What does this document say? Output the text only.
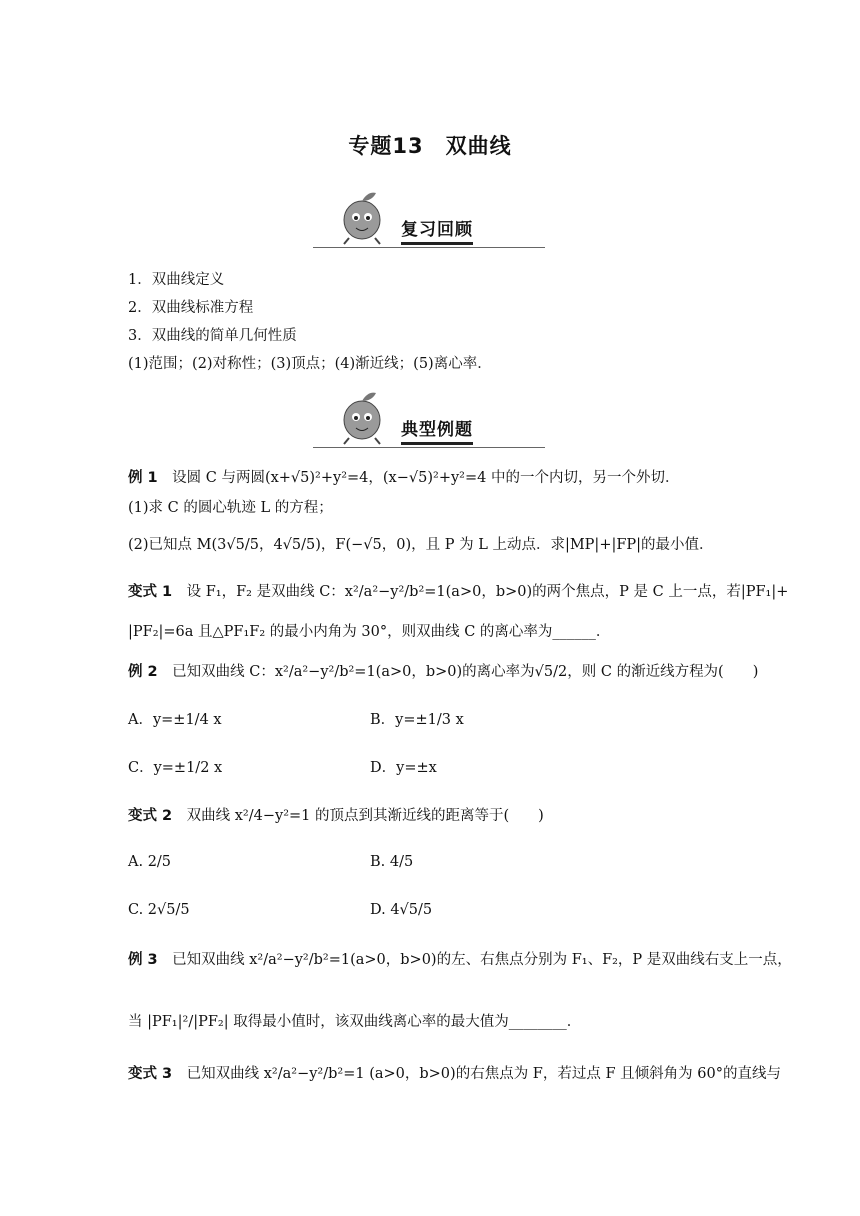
专题13　双曲线
复习回顾
1．双曲线定义
2．双曲线标准方程
3．双曲线的简单几何性质
(1)范围；(2)对称性；(3)顶点；(4)渐近线；(5)离心率．
典型例题
例 1　 设圆 C 与两圆(x+√5)²+y²=4，(x−√5)²+y²=4 中的一个内切，另一个外切．
(1)求 C 的圆心轨迹 L 的方程；
(2)已知点 M(3√5/5，4√5/5)，F(−√5，0)，且 P 为 L 上动点．求|MP|+|FP|的最小值．
变式 1　 设 F₁，F₂ 是双曲线 C：x²/a²−y²/b²=1(a>0，b>0)的两个焦点，P 是 C 上一点，若|PF₁|+
|PF₂|=6a 且△PF₁F₂ 的最小内角为 30°，则双曲线 C 的离心率为______．
例 2　 已知双曲线 C：x²/a²−y²/b²=1(a>0，b>0)的离心率为√5/2，则 C 的渐近线方程为(　　)
A．y=±1/4 x	B．y=±1/3 x
C．y=±1/2 x	D．y=±x
变式 2　 双曲线 x²/4−y²=1 的顶点到其渐近线的距离等于(　　)
A. 2/5	B. 4/5
C. 2√5/5	D. 4√5/5
例 3　 已知双曲线 x²/a²−y²/b²=1(a>0，b>0)的左、右焦点分别为 F₁、F₂，P 是双曲线右支上一点，
当 |PF₁|²/|PF₂| 取得最小值时，该双曲线离心率的最大值为________．
变式 3　 已知双曲线 x²/a²−y²/b²=1 (a>0，b>0)的右焦点为 F，若过点 F 且倾斜角为 60°的直线与
